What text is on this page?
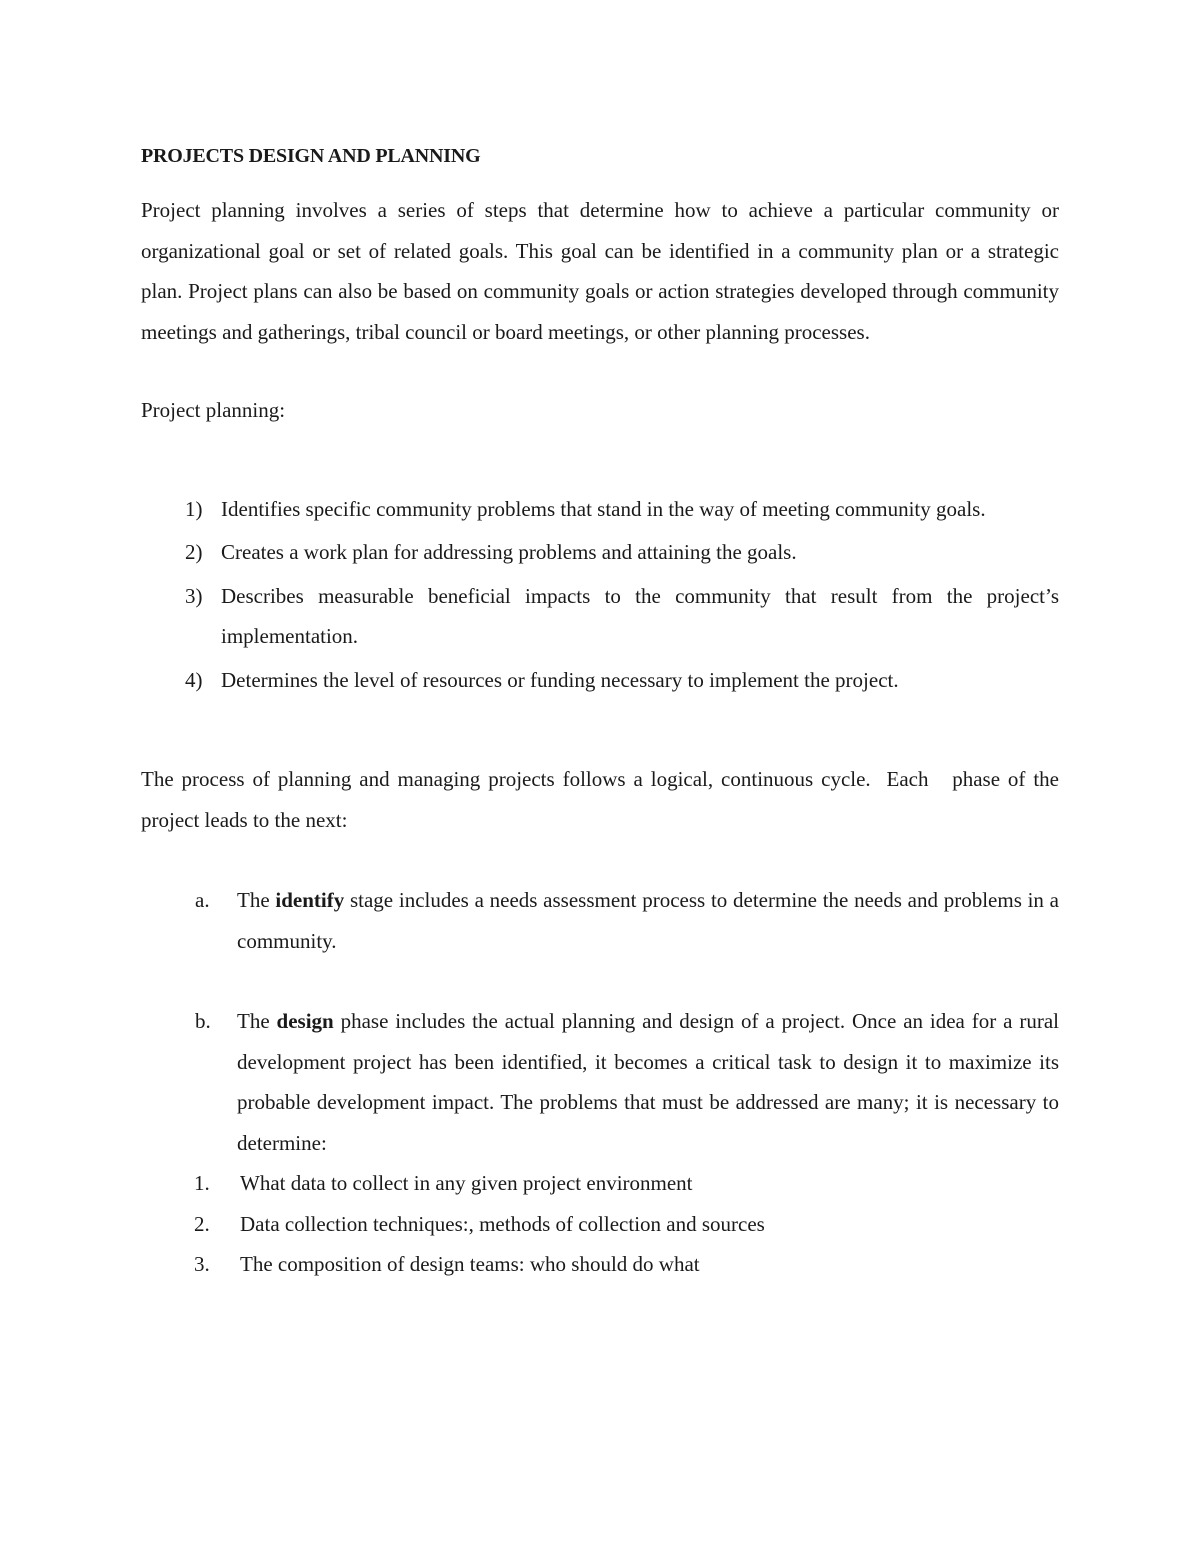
PROJECTS DESIGN AND PLANNING

Project planning involves a series of steps that determine how to achieve a particular community or organizational goal or set of related goals. This goal can be identified in a community plan or a strategic plan. Project plans can also be based on community goals or action strategies developed through community meetings and gatherings, tribal council or board meetings, or other planning processes.

Project planning:

1) Identifies specific community problems that stand in the way of meeting community goals.
2) Creates a work plan for addressing problems and attaining the goals.
3) Describes measurable beneficial impacts to the community that result from the project’s implementation.
4) Determines the level of resources or funding necessary to implement the project.

The process of planning and managing projects follows a logical, continuous cycle.  Each   phase of the project leads to the next:

a. The identify stage includes a needs assessment process to determine the needs and problems in a community.
b. The design phase includes the actual planning and design of a project. Once an idea for a rural development project has been identified, it becomes a critical task to design it to maximize its probable development impact. The problems that must be addressed are many; it is necessary to determine:
1. What data to collect in any given project environment
2. Data collection techniques:, methods of collection and sources
3. The composition of design teams: who should do what
